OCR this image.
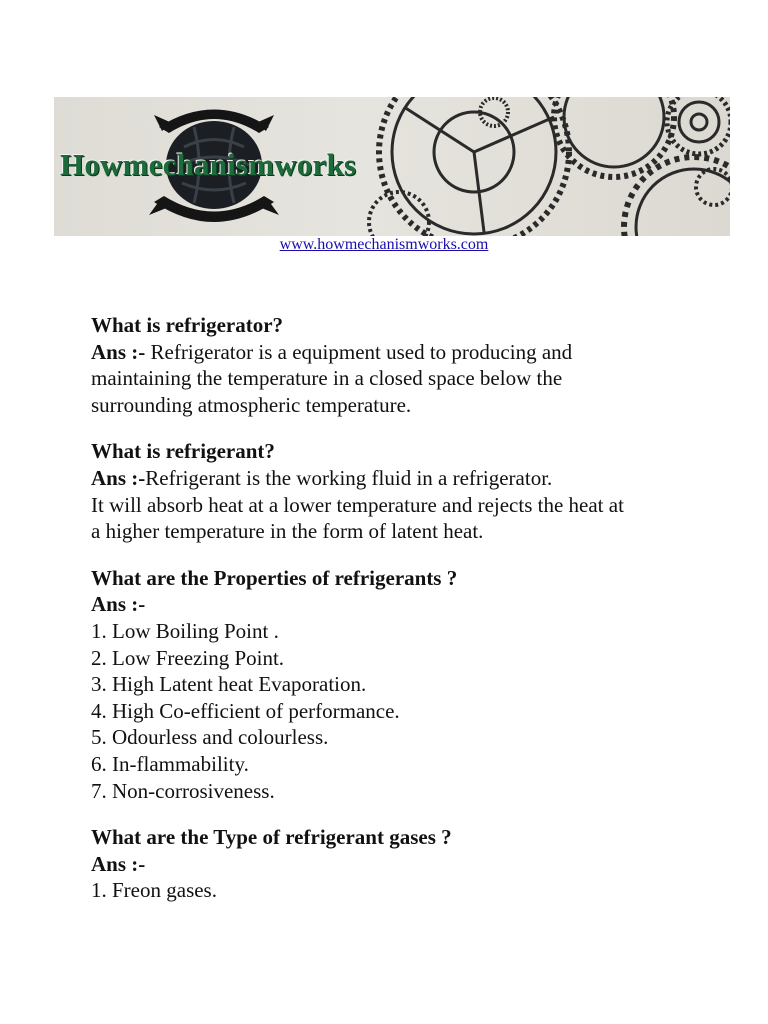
Howmechanismworks
www.howmechanismworks.com
What is refrigerator?
Ans :- Refrigerator is a equipment used to producing and
maintaining the temperature in a closed space below the
surrounding atmospheric temperature.
What is refrigerant?
Ans :-Refrigerant is the working fluid in a refrigerator.
It will absorb heat at a lower temperature and rejects the heat at
a higher temperature in the form of latent heat.
What are the Properties of refrigerants ?
Ans :-
1. Low Boiling Point .
2. Low Freezing Point.
3. High Latent heat Evaporation.
4. High Co-efficient of performance.
5. Odourless and colourless.
6. In-flammability.
7. Non-corrosiveness.
What are the Type of refrigerant gases ?
Ans :-
1. Freon gases.
